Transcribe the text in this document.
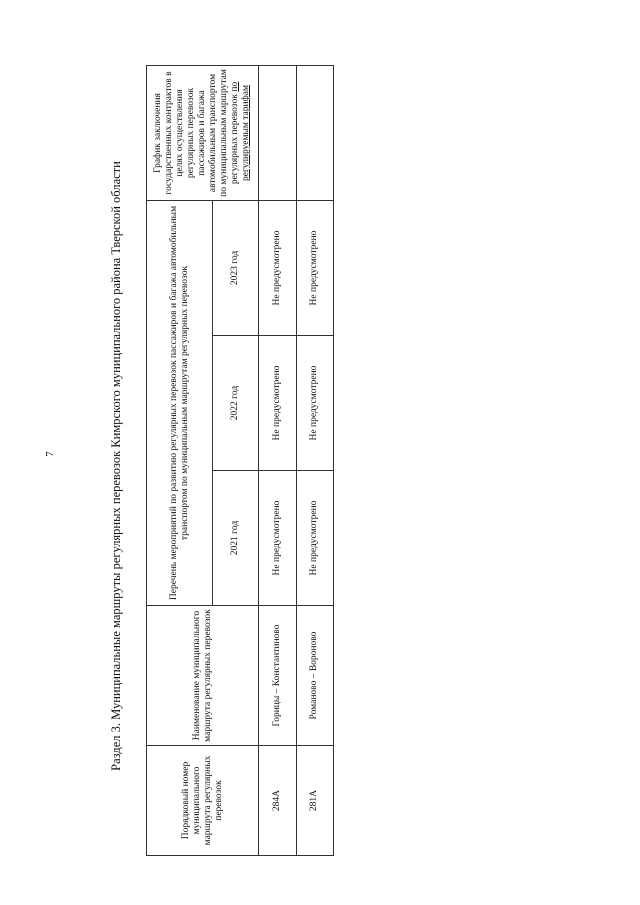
7	Раздел 3. Муниципальные маршруты регулярных перевозок Кимрского муниципального района Тверской области
Порядковый номер муниципального маршрута регулярных перевозок	Наименование муниципального маршрута регулярных перевозок	Перечень мероприятий по развитию регулярных перевозок пассажиров и багажа автомобильным транспортом по муниципальным маршрутам регулярных перевозок			График заключения государственных контрактов в целях осуществления регулярных перевозок пассажиров и багажа автомобильным транспортом по муниципальным маршрутам регулярных перевозок по регулируемым тарифам
		2021 год	2022 год	2023 год	
284А	Горицы – Константиново	Не предусмотрено	Не предусмотрено	Не предусмотрено	
281А	Романово – Вороново	Не предусмотрено	Не предусмотрено	Не предусмотрено	
